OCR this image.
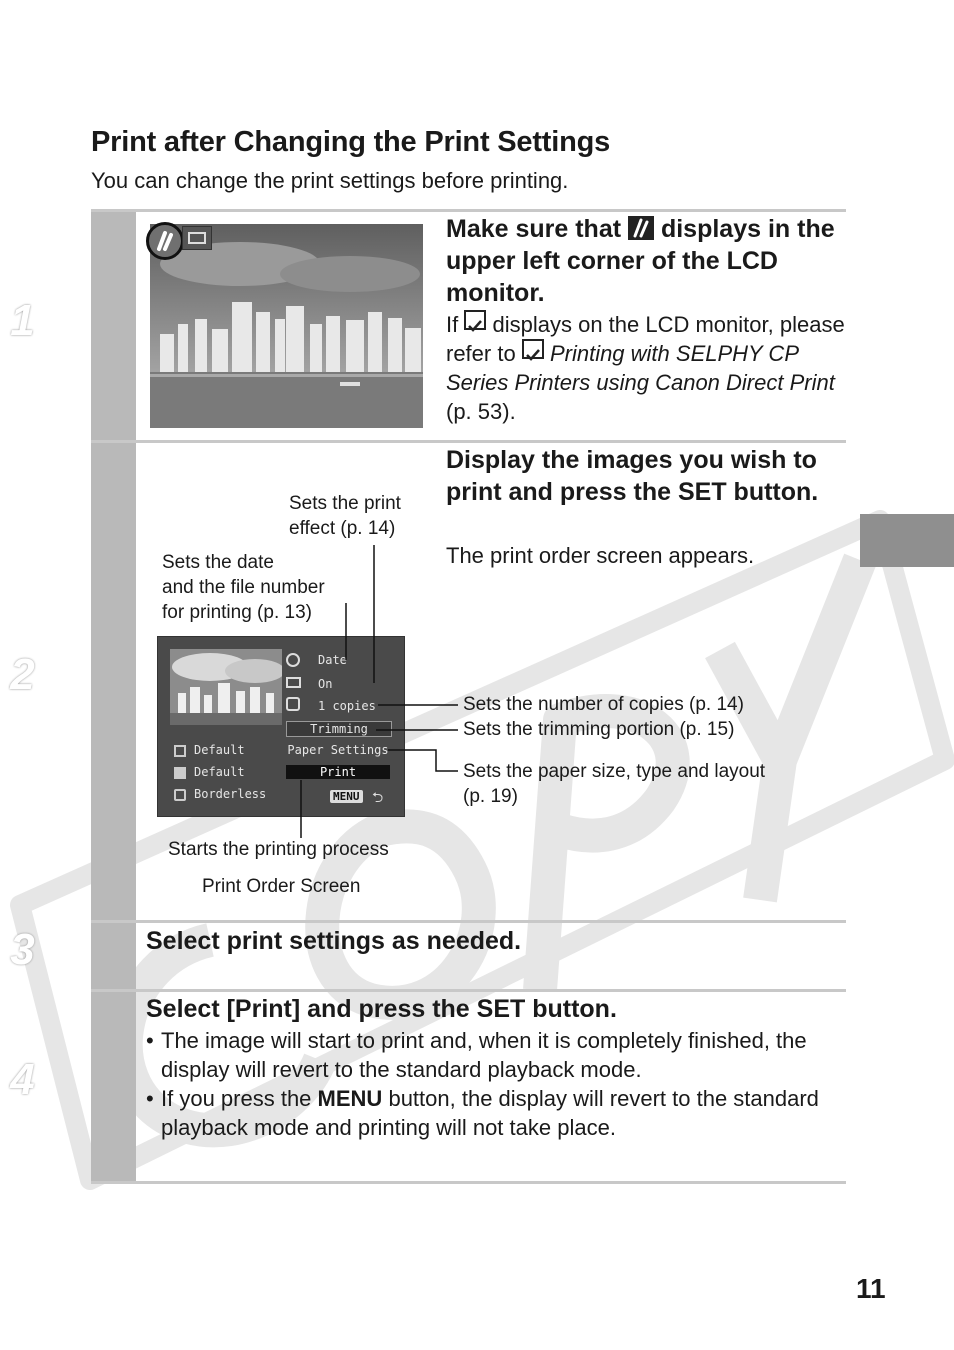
Print after Changing the Print Settings
You can change the print settings before printing.
1
2
3
4
Make sure that displays in the upper left corner of the LCD monitor.
If displays on the LCD monitor, please refer to Printing with SELPHY CP Series Printers using Canon Direct Print (p. 53).
Display the images you wish to print and press the SET button.
The print order screen appears.
Sets the print
effect (p. 14)
Sets the date
and the file number
for printing (p. 13)
Sets the number of copies (p. 14)
Sets the trimming portion (p. 15)
Sets the paper size, type and layout
(p. 19)
Starts the printing process
Print Order Screen
Date
On
1 copies
Trimming
Paper Settings
Print
Default
Default
Borderless	MENU ⮌
Select print settings as needed.
Select [Print] and press the SET button.
• The image will start to print and, when it is completely finished, the display will revert to the standard playback mode.
• If you press the MENU button, the display will revert to the standard playback mode and printing will not take place.
11
